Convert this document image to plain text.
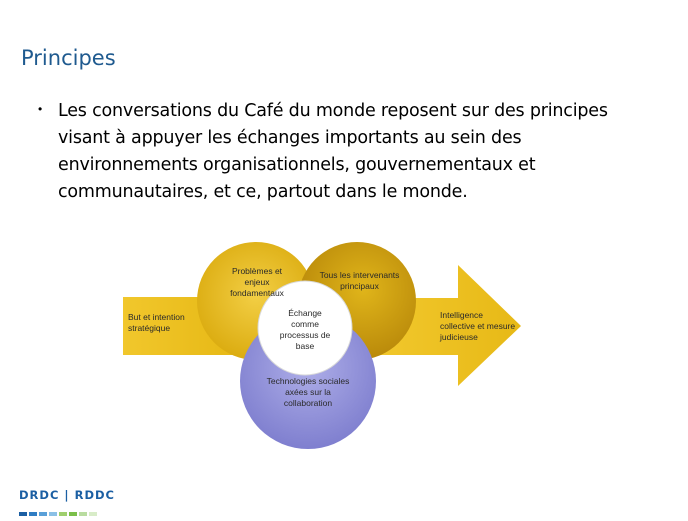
Principes
• Les conversations du Café du monde reposent sur des principes visant à appuyer les échanges importants au sein des environnements organisationnels, gouvernementaux et communautaires, et ce, partout dans le monde.
But et intention stratégique
Problèmes et enjeux fondamentaux
Tous les intervenants principaux
Échange comme processus de base
Technologies sociales axées sur la collaboration
Intelligence collective et mesure judicieuse
DRDC | RDDC
